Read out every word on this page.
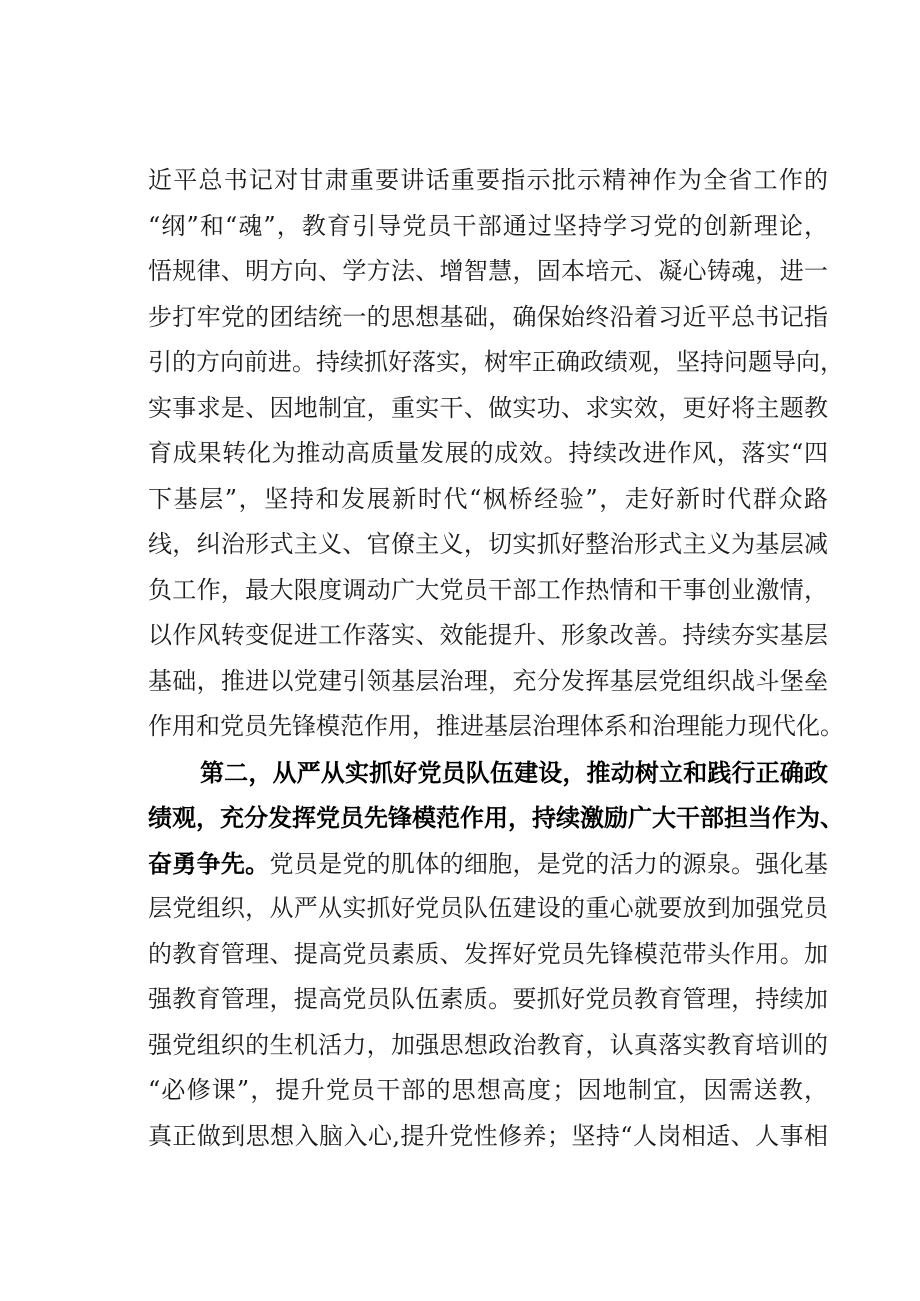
近平总书记对甘肃重要讲话重要指示批示精神作为全省工作的
“纲”和“魂”，教育引导党员干部通过坚持学习党的创新理论，
悟规律、明方向、学方法、增智慧，固本培元、凝心铸魂，进一
步打牢党的团结统一的思想基础，确保始终沿着习近平总书记指
引的方向前进。持续抓好落实，树牢正确政绩观，坚持问题导向，
实事求是、因地制宜，重实干、做实功、求实效，更好将主题教
育成果转化为推动高质量发展的成效。持续改进作风，落实“四
下基层”，坚持和发展新时代“枫桥经验”，走好新时代群众路
线，纠治形式主义、官僚主义，切实抓好整治形式主义为基层减
负工作，最大限度调动广大党员干部工作热情和干事创业激情，
以作风转变促进工作落实、效能提升、形象改善。持续夯实基层
基础，推进以党建引领基层治理，充分发挥基层党组织战斗堡垒
作用和党员先锋模范作用，推进基层治理体系和治理能力现代化。
第二，从严从实抓好党员队伍建设，推动树立和践行正确政
绩观，充分发挥党员先锋模范作用，持续激励广大干部担当作为、
奋勇争先。党员是党的肌体的细胞，是党的活力的源泉。强化基
层党组织，从严从实抓好党员队伍建设的重心就要放到加强党员
的教育管理、提高党员素质、发挥好党员先锋模范带头作用。加
强教育管理，提高党员队伍素质。要抓好党员教育管理，持续加
强党组织的生机活力，加强思想政治教育，认真落实教育培训的
“必修课”，提升党员干部的思想高度；因地制宜，因需送教，
真正做到思想入脑入心,提升党性修养；坚持“人岗相适、人事相
